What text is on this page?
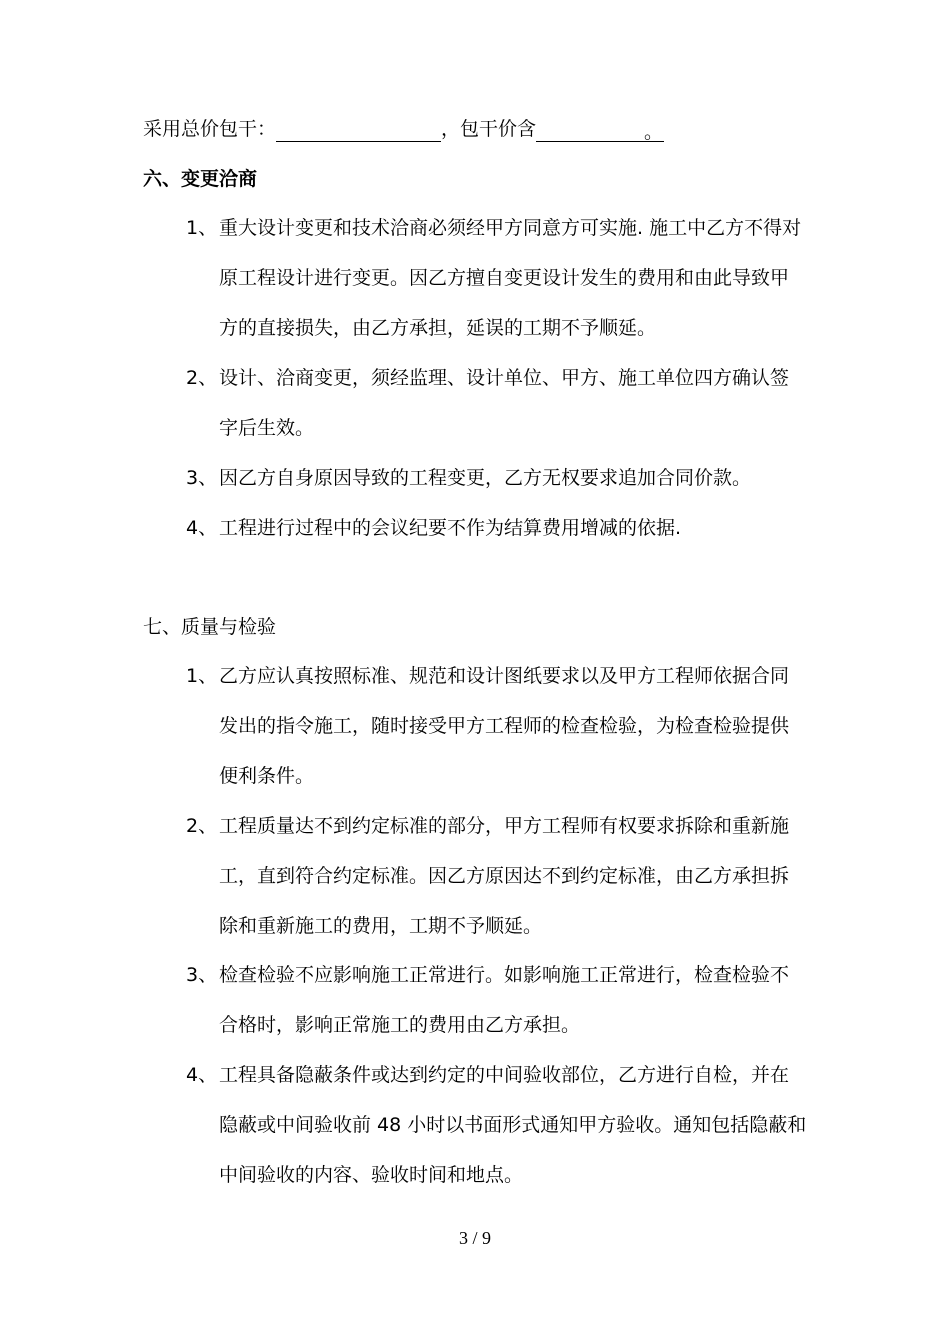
采用总价包干：	，包干价含	。
六、变更洽商
1、 重大设计变更和技术洽商必须经甲方同意方可实施. 施工中乙方不得对
原工程设计进行变更。因乙方擅自变更设计发生的费用和由此导致甲
方的直接损失，由乙方承担，延误的工期不予顺延。
2、 设计、洽商变更，须经监理、设计单位、甲方、施工单位四方确认签
字后生效。
3、 因乙方自身原因导致的工程变更，乙方无权要求追加合同价款。
4、 工程进行过程中的会议纪要不作为结算费用增减的依据.
七、质量与检验
1、 乙方应认真按照标准、规范和设计图纸要求以及甲方工程师依据合同
发出的指令施工，随时接受甲方工程师的检查检验，为检查检验提供
便利条件。
2、 工程质量达不到约定标准的部分，甲方工程师有权要求拆除和重新施
工，直到符合约定标准。因乙方原因达不到约定标准，由乙方承担拆
除和重新施工的费用，工期不予顺延。
3、 检查检验不应影响施工正常进行。如影响施工正常进行，检查检验不
合格时，影响正常施工的费用由乙方承担。
4、 工程具备隐蔽条件或达到约定的中间验收部位，乙方进行自检，并在
隐蔽或中间验收前 48 小时以书面形式通知甲方验收。通知包括隐蔽和
中间验收的内容、验收时间和地点。
3 / 9
